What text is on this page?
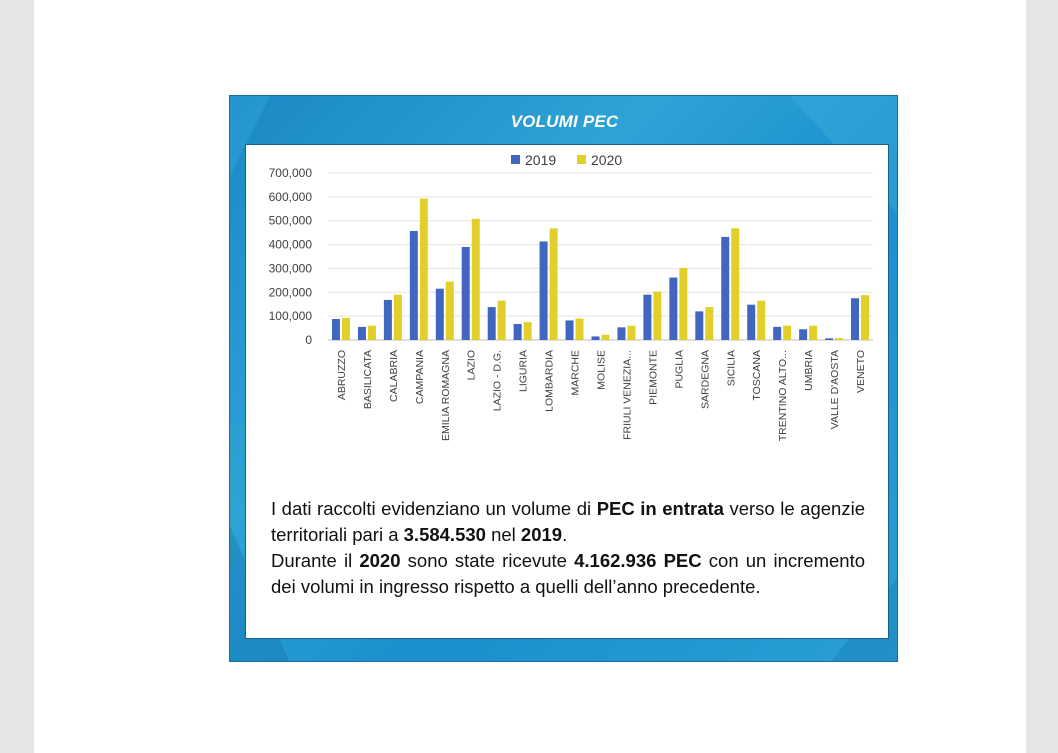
VOLUMI PEC
0
100,000
200,000
300,000
400,000
500,000
600,000
700,000
2019 2020
ABRUZZO BASILICATA CALABRIA CAMPANIA EMILIA ROMAGNA LAZIO LAZIO - D.G. LIGURIA LOMBARDIA MARCHE MOLISE FRIULI VENEZIA... PIEMONTE PUGLIA SARDEGNA SICILIA TOSCANA TRENTINO ALTO... UMBRIA VALLE D'AOSTA VENETO

I dati raccolti evidenziano un volume di PEC in entrata verso le agenzie territoriali pari a 3.584.530 nel 2019.

Durante il 2020 sono state ricevute 4.162.936 PEC con un incremento dei volumi in ingresso rispetto a quelli dell’anno precedente.
